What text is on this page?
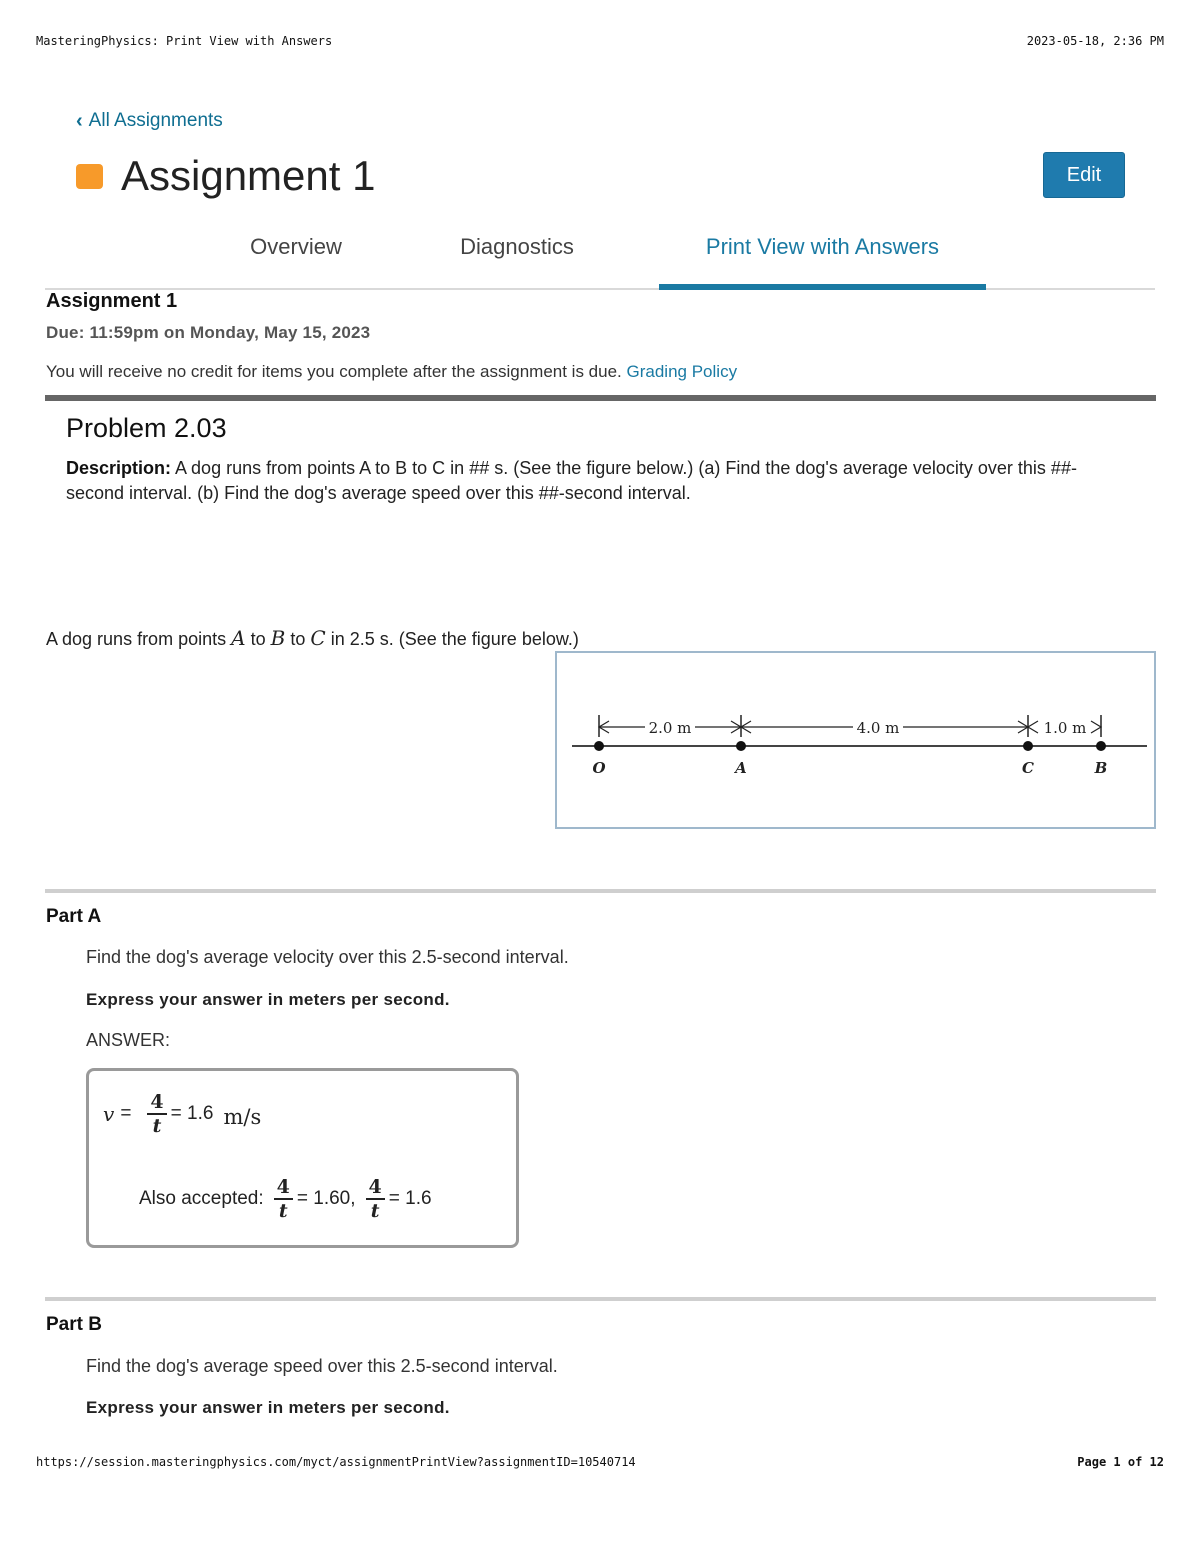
MasteringPhysics: Print View with Answers	2023-05-18, 2:36 PM
‹ All Assignments
Assignment 1	Edit
Overview	Diagnostics	Print View with Answers
Assignment 1
Due: 11:59pm on Monday, May 15, 2023
You will receive no credit for items you complete after the assignment is due. Grading Policy
Problem 2.03
Description: A dog runs from points A to B to C in ## s. (See the figure below.) (a) Find the dog's average velocity over this ##-second interval. (b) Find the dog's average speed over this ##-second interval.
A dog runs from points A to B to C in 2.5 s. (See the figure below.)
2.0 m	4.0 m	1.0 m
O	A	C	B
Part A
Find the dog's average velocity over this 2.5-second interval.
Express your answer in meters per second.
ANSWER:
$v = \frac{4}{t} = 1.6$ m/s
Also accepted: $\frac{4}{t} = 1.60$, $\frac{4}{t} = 1.6$
Part B
Find the dog's average speed over this 2.5-second interval.
Express your answer in meters per second.
https://session.masteringphysics.com/myct/assignmentPrintView?assignmentID=10540714	Page 1 of 12
